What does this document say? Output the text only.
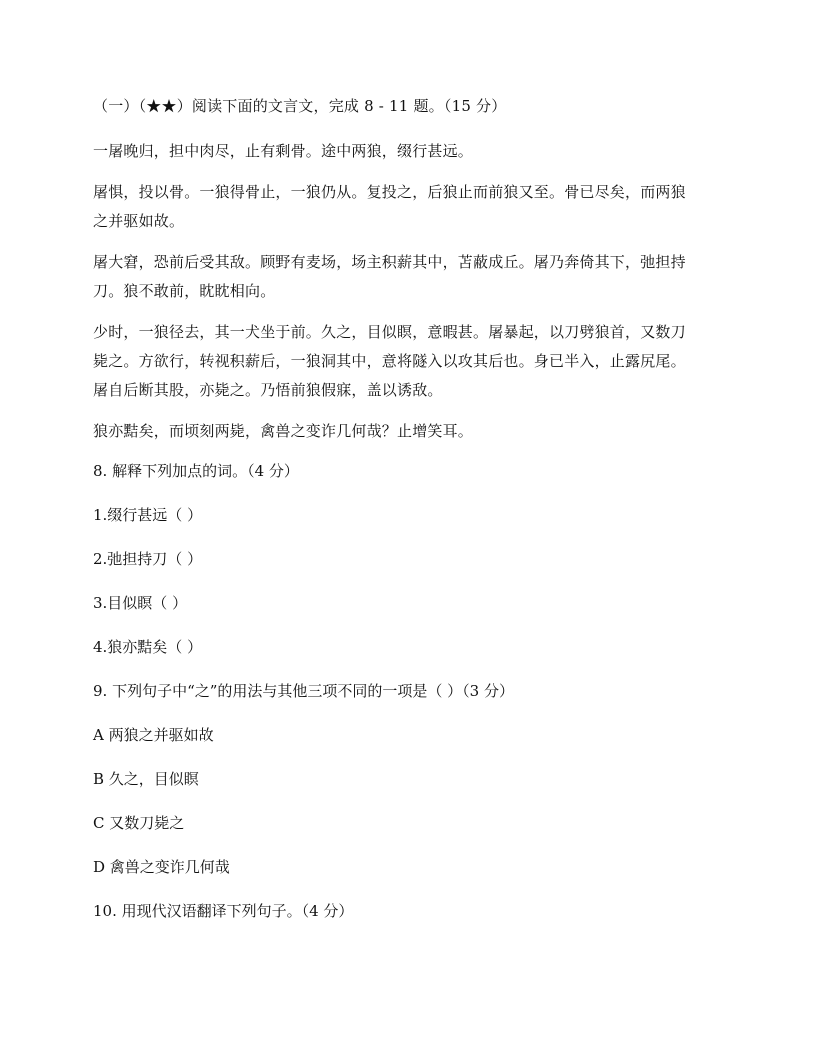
（一）（★★）阅读下面的文言文，完成 8 - 11 题。（15 分）
一屠晚归，担中肉尽，止有剩骨。途中两狼，缀行甚远。
屠惧，投以骨。一狼得骨止，一狼仍从。复投之，后狼止而前狼又至。骨已尽矣，而两狼
之并驱如故。
屠大窘，恐前后受其敌。顾野有麦场，场主积薪其中，苫蔽成丘。屠乃奔倚其下，弛担持
刀。狼不敢前，眈眈相向。
少时，一狼径去，其一犬坐于前。久之，目似瞑，意暇甚。屠暴起，以刀劈狼首，又数刀
毙之。方欲行，转视积薪后，一狼洞其中，意将隧入以攻其后也。身已半入，止露尻尾。
屠自后断其股，亦毙之。乃悟前狼假寐，盖以诱敌。
狼亦黠矣，而顷刻两毙，禽兽之变诈几何哉？止增笑耳。
8. 解释下列加点的词。（4 分）
1.缀行甚远（ ）
2.弛担持刀（ ）
3.目似瞑（ ）
4.狼亦黠矣（ ）
9. 下列句子中“之”的用法与其他三项不同的一项是（ ）（3 分）
A 两狼之并驱如故
B 久之，目似瞑
C 又数刀毙之
D 禽兽之变诈几何哉
10. 用现代汉语翻译下列句子。（4 分）
